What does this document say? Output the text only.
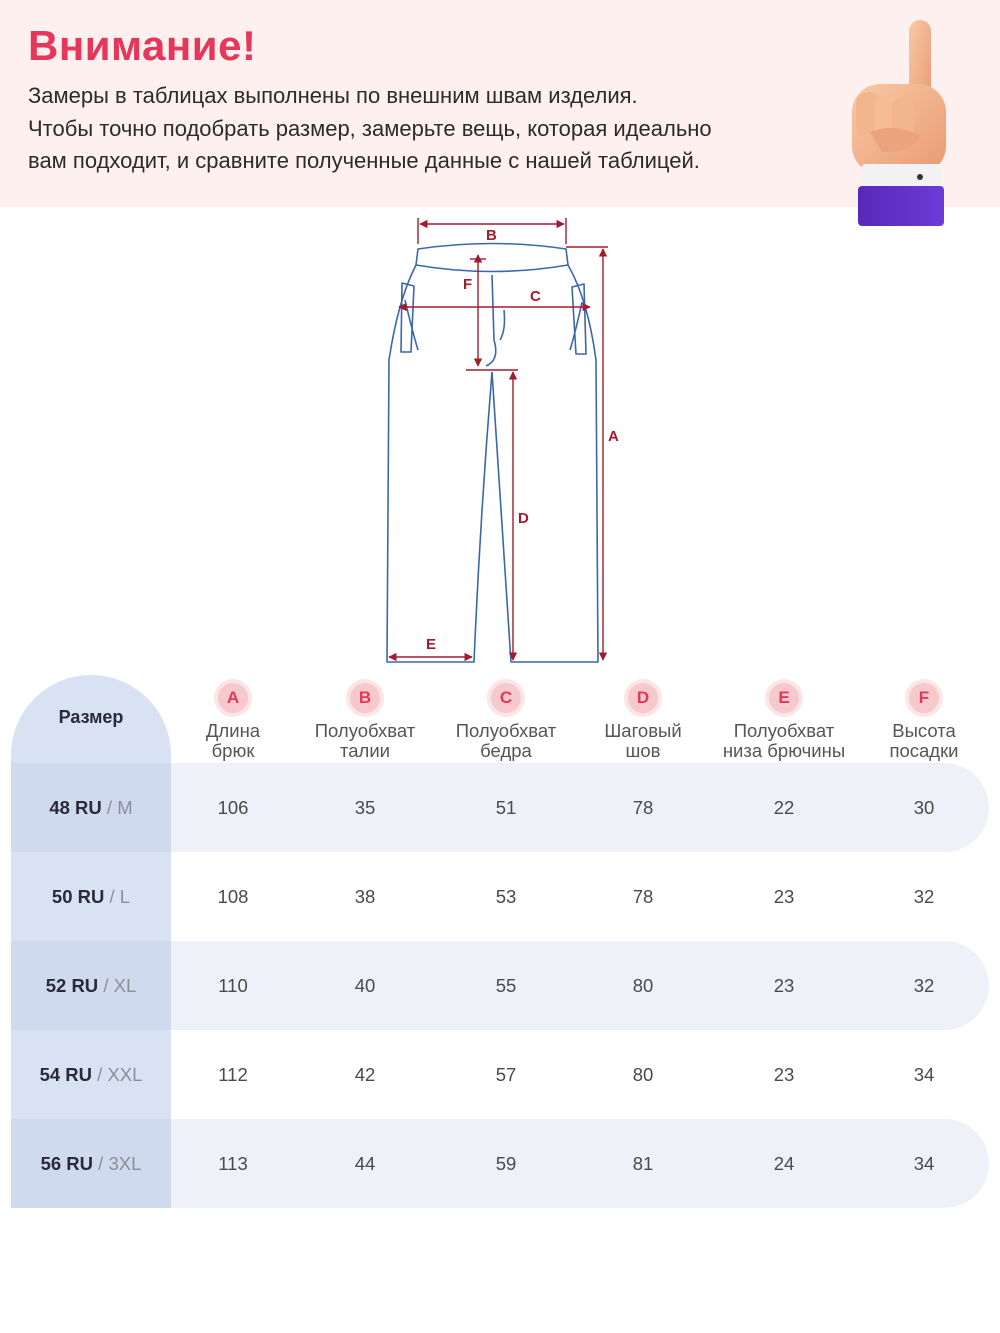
Внимание!
Замеры в таблицах выполнены по внешним швам изделия.
Чтобы точно подобрать размер, замерьте вещь, которая идеально
вам подходит, и сравните полученные данные с нашей таблицей.
B
C
F
A
D
E
Размер
A
Длина
брюк
B
Полуобхват
талии
C
Полуобхват
бедра
D
Шаговый
шов
E
Полуобхват
низа брючины
F
Высота
посадки
48 RU / M	106	35	51	78	22	30
50 RU / L	108	38	53	78	23	32
52 RU / XL	110	40	55	80	23	32
54 RU / XXL	112	42	57	80	23	34
56 RU / 3XL	113	44	59	81	24	34
